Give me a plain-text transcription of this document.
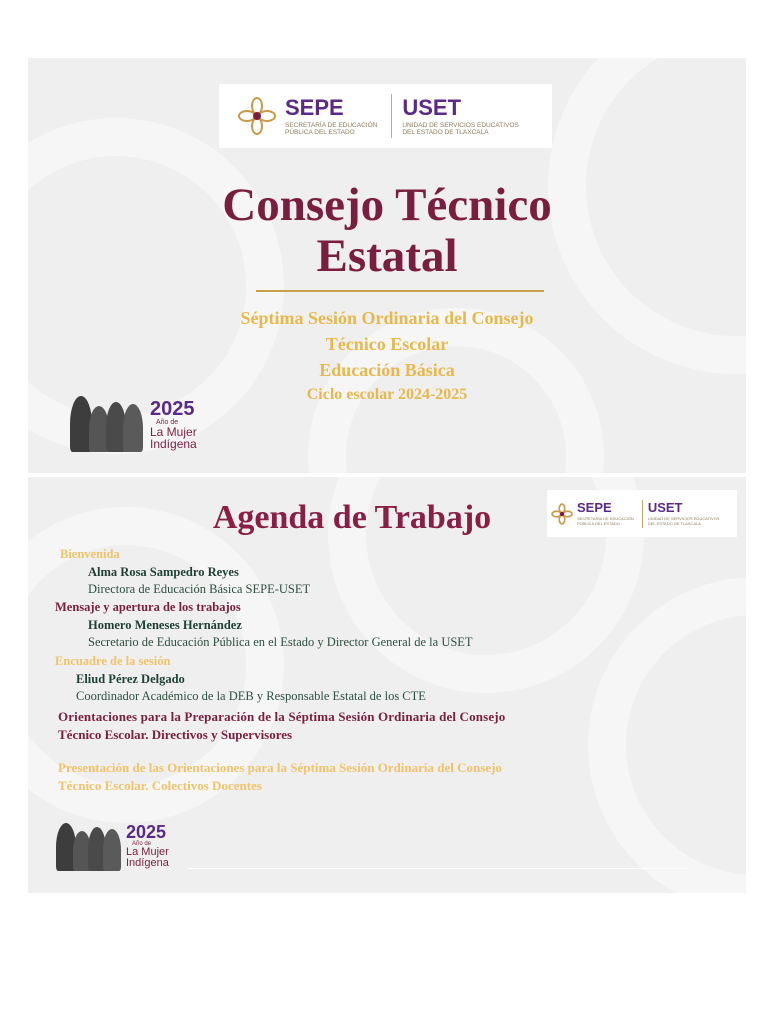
SEPE
SECRETARÍA DE EDUCACIÓN
PÚBLICA DEL ESTADO
USET
UNIDAD DE SERVICIOS EDUCATIVOS
DEL ESTADO DE TLAXCALA
Consejo Técnico
Estatal
Séptima Sesión Ordinaria del Consejo
Técnico Escolar
Educación Básica
Ciclo escolar 2024-2025
2025
Año de
La Mujer
Indígena
SEPE
SECRETARÍA DE EDUCACIÓN
PÚBLICA DEL ESTADO
USET
UNIDAD DE SERVICIOS EDUCATIVOS
DEL ESTADO DE TLAXCALA
Agenda de Trabajo
Bienvenida
Alma Rosa Sampedro Reyes
Directora de Educación Básica SEPE-USET
Mensaje y apertura de los trabajos
Homero Meneses Hernández
Secretario de Educación Pública en el Estado y Director General de la USET
Encuadre de la sesión
Eliud Pérez Delgado
Coordinador Académico de la DEB y Responsable Estatal de los CTE
Orientaciones para la Preparación de la Séptima Sesión Ordinaria del Consejo
Técnico Escolar. Directivos y Supervisores
Presentación de las Orientaciones para la Séptima Sesión Ordinaria del Consejo
Técnico Escolar. Colectivos Docentes
2025
Año de
La Mujer
Indígena
